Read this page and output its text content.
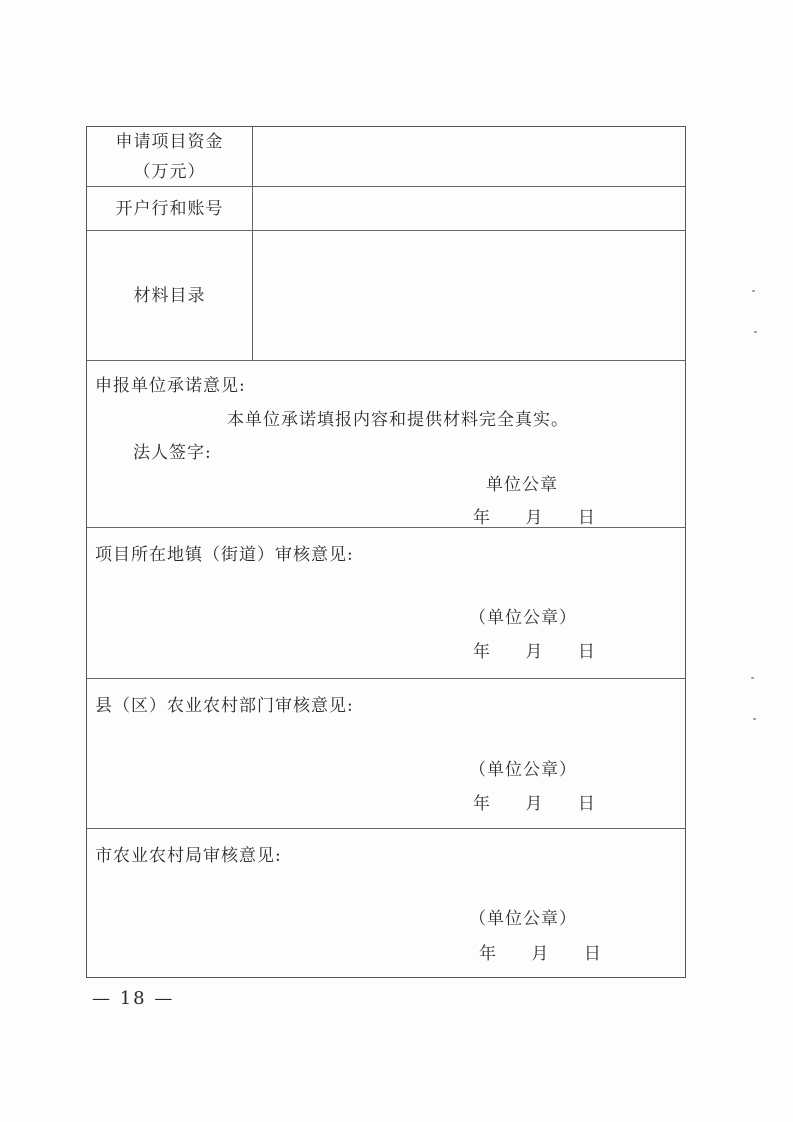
申请项目资金
（万元）
开户行和账号
材料目录
申报单位承诺意见:
本单位承诺填报内容和提供材料完全真实。
法人签字:
单位公章
年 月 日
项目所在地镇（街道）审核意见:
（单位公章）
年 月 日
县（区）农业农村部门审核意见:
（单位公章）
年 月 日
市农业农村局审核意见:
（单位公章）
年 月 日
— 18 —
